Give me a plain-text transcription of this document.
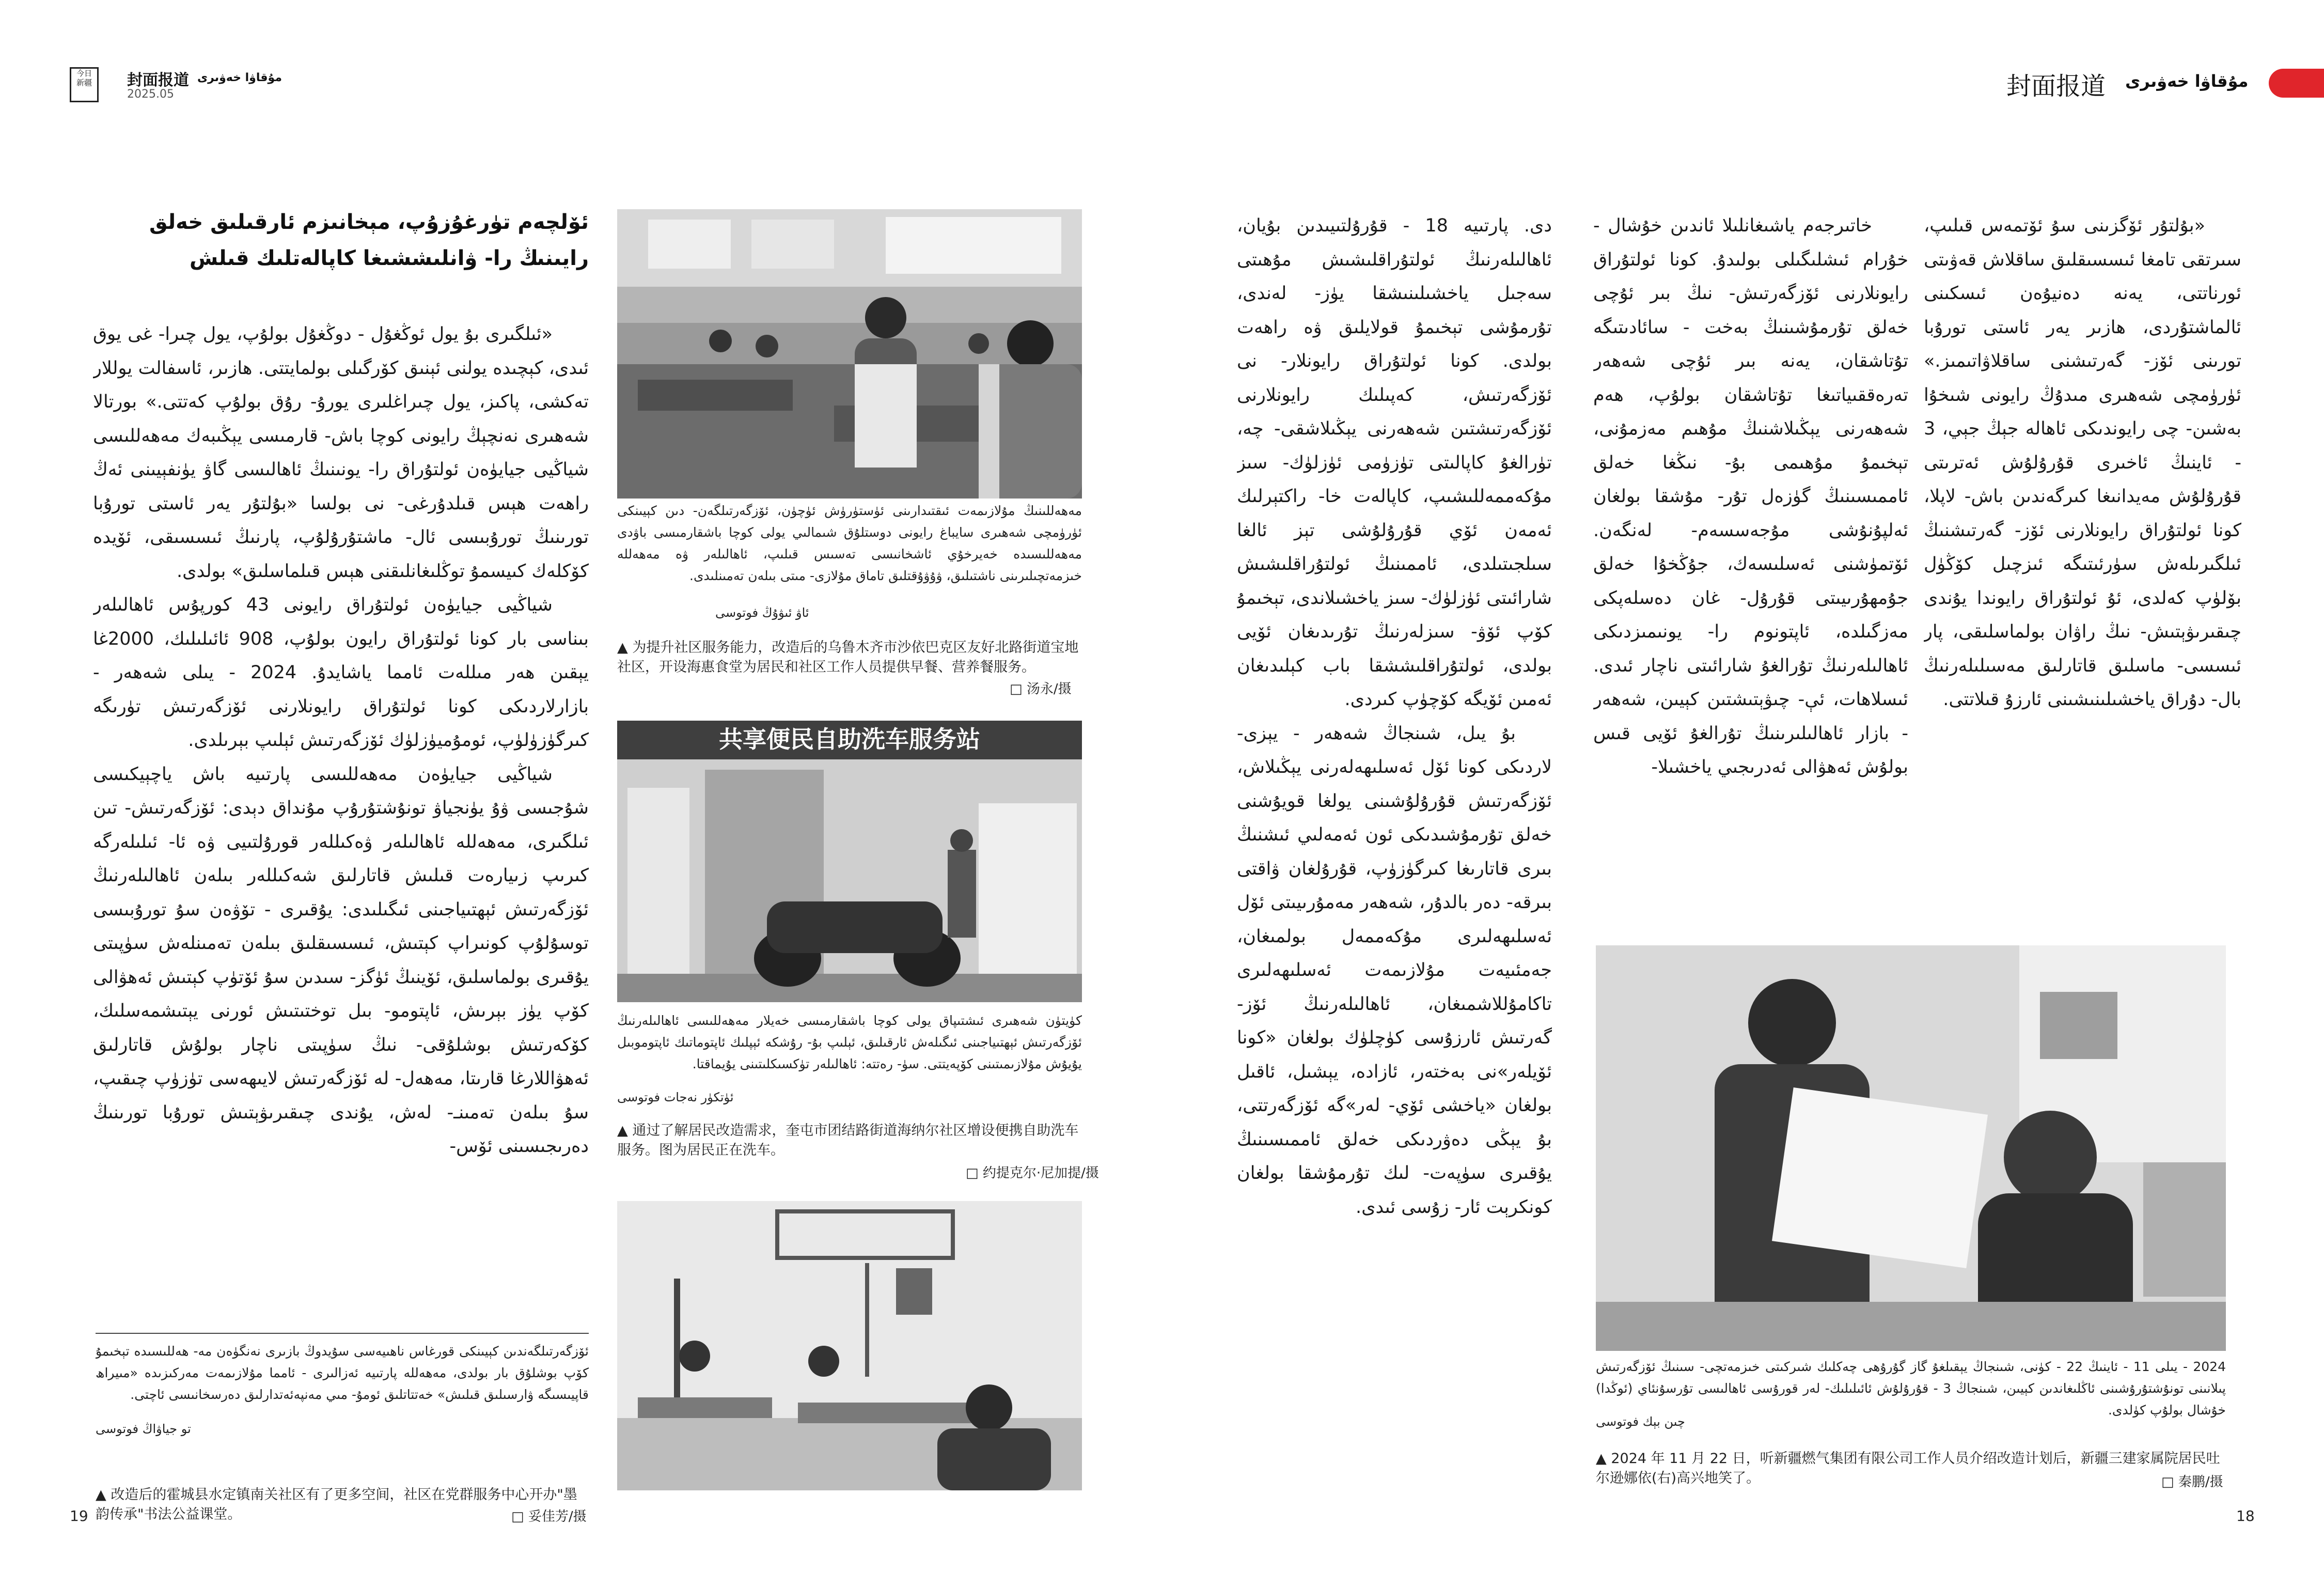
今日
新疆	封面报道 مۇقاۋا خەۋىرى
2025.05	封面报道 مۇقاۋا خەۋىرى
ئۆلچەم تۈرغۇزۇپ، مېخانىزم ئارقىلىق خەلق رايىنىڭ را- ۋانلىششىغا كاپالەتلىك قىلش

«ئىلگىرى بۇ يول ئوڭغۇل - دوڭغۇل بولۇپ، يول چىرا- غى يوق ئىدى، كېچىدە يولنى ئېنىق كۆرگىلى بولمايتتى. ھازىر، ئاسفالت يوللار تەكشى، پاكىز، يول چىراغلىرى يورۇ- رۇق بولۇپ كەتتى.» بورتالا شەھىرى نەنچېڭ رايونى كوچا باش- قارمىسى يېڭىبەك مەھەللىسى شياڭيى جيايۈەن ئولتۇراق را- يونىنىڭ ئاھالىسى گاۋ يۈنفېيىنى ئەڭ راھەت ھېس قىلدۇرغى- نى بولسا «بۇلتۇر يەر ئاستى تورۇبا تورىنىڭ تورۇبىسى ئال- ماشتۇرۇلۇپ، پارنىڭ ئىسسىقى، ئۆيدە كۆكلەك كىيسمۇ توڭلىغانلىقنى ھېس قىلماسلىق» بولدى.

شياڭيى جيايۈەن ئولتۇراق رايونى 43 كورپۇس ئاھالىلەر بىناسى بار كونا ئولتۇراق رايون بولۇپ، 908 ئائىلىلىك، 2000غا يېقىن ھەر مىللەت ئامما ياشايدۇ. 2024 - يىلى شەھەر - بازارلاردىكى كونا ئولتۇراق رايونلارنى ئۆزگەرتىش تۈرىگە كىرگۈزۈلۈپ، ئومۇميۈزلۈك ئۆزگەرتىش ئېلىپ بېرىلدى.

شياڭيى جيايۈەن مەھەللىسى پارتىيە باش ياچېيكىسى شۇجىسى ۋۇ يۈنجياۋ تونۇشتۇرۇپ مۇنداق دېدى: ئۆزگەرتىش- تىن ئىلگىرى، مەھەللە ئاھالىلەر ۋەكىللەر قورۇلتىيى ۋە ئا- ئىلىلەرگە كىرىپ زىيارەت قىلىش قاتارلىق شەكىللەر بىلەن ئاھالىلەرنىڭ ئۆزگەرتىش ئېھتىياجىنى ئىگىلىدى: يۇقىرى - تۆۋەن سۇ تورۇبىسى توسۇلۇپ كونىراپ كېتىش، ئىسسىقلىق بىلەن تەمىنلەش سۈپىتى يۇقىرى بولماسلىق، ئۆينىڭ ئۈگز- سىدىن سۇ ئۆتۈپ كېتىش ئەھۋالى كۆپ يۈز بېرىش، ئاپتومو- بىل توختىتىش ئورنى يېتىشمەسلىك، كۆكەرتىش بوشلۇقى- نىڭ سۈپىتى ناچار بولۇش قاتارلىق ئەھۋاللارغا قارىتا، مەھەل- لە ئۆزگەرتىش لايىھەسى تۈزۈپ چىقىپ، سۇ بىلەن تەمىنـ- لەش، يۇندى چىقىرىۋېتىش تورۇبا تورىنىڭ دەرىجىسىنى ئۆس-

ئۆزگەرتىلگەندىن كېيىنكى قورغاس ناھىيەسى سۇيدوڭ بازىرى نەنگۈەن مە- ھەللىسىدە تېخىمۇ كۆپ بوشلۇق بار بولدى، مەھەللە پارتىيە ئەزالىرى - ئامما مۇلازىمەت مەركىزىدە «مىيراھ قاپيىسىگە ۋارسىلىق قىلىش» خەتتاتلىق ئومۇ- مىي مەنپەئەتدارلىق دەرسخانىسى ئاچتى.
تو جياۋاڭ فوتوسى
▲ 改造后的霍城县水定镇南关社区有了更多空间，社区在党群服务中心开办"墨韵传承"书法公益课堂。	□ 妥佳芳/摄
مەھەللىنىڭ مۇلازىمەت ئىقتىدارىنى ئۈستۈرۈش ئۈچۈن، ئۆزگەرتىلگەن- دىن كېيىنكى ئۈرۈمچى شەھىرى سايباغ رايونى دوستلۇق شىمالىي يولى كوچا باشقارمىسى باۋدى مەھەللىسىدە خەيرخۇي ئاشخانىسى تەسىس قىلىپ، ئاھالىلەر ۋە مەھەللە خىزمەتچىلىرىنى ناشتىلىق، ۋۇۋۇقتلىق تاماق مۇلازى- مىتى بىلەن تەمىنلىدى.
ئاۋ ئىۋۇڭ فوتوسى
▲ 为提升社区服务能力，改造后的乌鲁木齐市沙依巴克区友好北路街道宝地社区，开设海惠食堂为居民和社区工作人员提供早餐、营养餐服务。
□ 汤永/摄
共享便民自助洗车服务站
كۈيتۈن شەھىرى ئىشتىپاق يولى كوچا باشقارمىسى خەيلار مەھەللىسى ئاھالىلەرنىڭ ئۆزگەرتىش ئېھتىياجىنى ئىگىلەش ئارقىلىق، ئېلىپ بۇ- رۇشكە ئېپلىك ئاپتوماتىك ئاپتوموبىل يۇيۇش مۇلازىمىتىنى كۆپەيتتى. سۈ- رەتتە: ئاھالىلەر تۈكسىكلىتىنى يۇيماقتا.
ئۈتكۈر نەجات فوتوسى
▲ 通过了解居民改造需求，奎屯市团结路街道海纳尔社区增设便携自助洗车服务。图为居民正在洗车。
□ 约提克尔·尼加提/摄
19

دى. پارتىيە 18 - قۇرۇلتىيىدىن بۇيان، ئاھالىلەرنىڭ ئولتۇراقلىشىش مۇھىتى سەجىل ياخشىلىنىشقا يۈز- لەندى، تۇرمۇشى تېخىمۇ قولايلىق ۋە راھەت بولدى. كونا ئولتۇراق رايونلار- نى ئۆزگەرتىش، كەپىلىك رايونلارنى ئۆزگەرتىشتىن شەھەرنى يېڭىلاشقى- چە، تۈرالغۇ كاپالىتى تۈزۈمى ئۈزلۈك- سىز مۇكەممەللىشىپ، كاپالەت خا- راكتېرلىك ئەمەن ئۆي قۇرۇلۇشى تېز ئالغا سىلجىتىلدى، ئاممىنىڭ ئولتۇراقلىشىش شارائىتى ئۈزلۈك- سىز ياخشىلاندى، تېخىمۇ كۆپ ئۆۋ- سىزلەرنىڭ تۇرىدىغان ئۆيى بولدى، ئولتۇراقلىششقا باب كېلىدىغان ئەمىن ئۆيگە كۆچۈپ كىردى.

بۇ يىل، شىنجاڭ شەھەر - يېزى- لاردىكى كونا ئۆل ئەسلىھەلەرنى يېڭىلاش، ئۆزگەرتىش قۇرۇلۇشىنى يولغا قويۇشنى خەلق تۇرمۇشىدىكى ئون ئەمەلىي ئىشنىڭ بىرى قاتارىغا كىرگۈزۈپ، قۇرۇلغان ۋاقتى بىرقە- دەر بالدۇر، شەھەر مەمۇرىيىتى ئۆل ئەسلىھەلىرى مۇكەممەل بولمىغان، جەمئىيەت مۇلازىمەت ئەسلىھەلىرى تاكامۇللاشمىغان، ئاھالىلەرنىڭ ئۆز- گەرتىش ئارزۇسى كۈچلۈك بولغان «كونا ئۆيلەر»نى بەختەر، ئازادە، يېشىل، ئاقىل بولغان «ياخشى ئۆي- لەر»گە ئۆزگەرتتى، بۇ يېڭى دەۋردىكى خەلق ئاممىسىنىڭ يۇقىرى سۈپەت- لىك تۇرمۇشقا بولغان كونكرېت ئار- زۇسى ئىدى.

خاتىرجەم ياشىغانلىلا ئاندىن خۇشال - خۇرام ئىشلىگىلى بولىدۇ. كونا ئولتۇراق رايونلارنى ئۆزگەرتىش- نىڭ بىر ئۇچى خەلق تۇرمۇشىنىڭ بەخت - سائادىتىگە تۇتاشقان، يەنە بىر ئۇچى شەھەر تەرەققىياتىغا تۇتاشقان بولۇپ، ھەم شەھەرنى يېڭىلاشنىڭ مۇھىم مەزمۇنى، تېخىمۇ مۇھىمى بۇ- نىڭغا خەلق ئاممىسىنىڭ گۈزەل تۇر- مۇشقا بولغان ئەلپۇنۇشى مۇجەسسەم- لەنگەن. ئۆتمۈشنى ئەسلىسەك، جۇڭخۇا خەلق جۇمھۇرىيىتى قۇرۇل- غان دەسلەپكى مەزگىلدە، ئاپتونوم را- يونىمىزدىكى ئاھالىلەرنىڭ تۇرالغۇ شارائىتى ناچار ئىدى. ئىسلاھات، ئې- چىۋېتىشتىن كېيىن، شەھەر - بازار ئاھالىلىرىنىڭ تۇرالغۇ ئۆيى قىس بولۇش ئەھۋالى ئەدرىجىي ياخشىلا-

«بۇلتۇر ئۆگزىنى سۇ ئۆتمەس قىلىپ، سىرتقى تامغا ئىسسىقلىق ساقلاش قەۋىتى ئورناتتى، يەنە دەنيۇەن ئىسكىنى ئالماشتۇردى، ھازىر يەر ئاستى تورۇبا تورىنى ئۆز- گەرتىشنى ساقلاۋاتىمىز.» ئۈرۈمچى شەھىرى مىدۇڭ رايونى شىخۇا بەشىن- چى رايوندىكى ئاھالە جېڭ جېي، 3 - ئاينىڭ ئاخىرى قۇرۇلۇش ئەترىتى قۇرۇلۇش مەيدانىغا كىرگەندىن باش- لاپلا، كونا ئولتۇراق رايونلارنى ئۆز- گەرتىشنىڭ ئىلگىرىلەش سۈرئىتىگە ئىزچىل كۆڭۈل بۆلۈپ كەلدى، ئۇ ئولتۇراق رايوندا يۇندى چىقىرىۋېتىش- نىڭ راۋان بولماسلىقى، پار ئىسسى- ماسلىق قاتارلىق مەسىلىلەرنىڭ بال- دۇراق ياخشىلىنىشىنى ئارزۇ قىلاتتى.

2024 - يىلى 11 - ئاينىڭ 22 - كۈنى، شىنجاڭ يېقىلغۇ گاز گۇرۇھى چەكلىك شىركىتى خىزمەتچى- سىنىڭ ئۆزگەرتىش پىلانىنى تونۇشتۇرۇشىنى ئاڭلىغاندىن كېيىن، شىنجاڭ 3 - قۇرۇلۇش ئائىلىلىك- لەر قورۇسى ئاھالىسى تۇرسۇنئاي (ئوڭدا) خۇشال بولۇپ كۈلدى.
چىن بېك فوتوسى
▲ 2024 年 11 月 22 日，听新疆燃气集团有限公司工作人员介绍改造计划后，新疆三建家属院居民吐尔逊娜依(右)高兴地笑了。	□ 秦鹏/摄
18
